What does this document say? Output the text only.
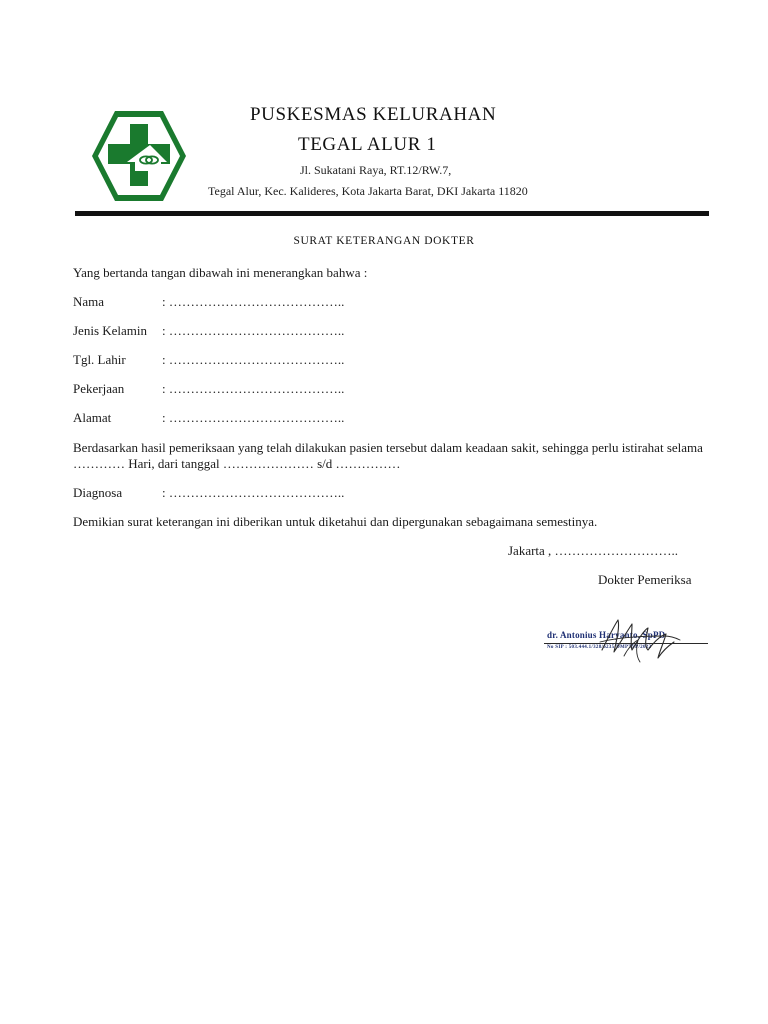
PUSKESMAS KELURAHAN
TEGAL ALUR 1
Jl. Sukatani Raya, RT.12/RW.7,
Tegal Alur, Kec. Kalideres, Kota Jakarta Barat, DKI Jakarta 11820
SURAT KETERANGAN DOKTER
Yang bertanda tangan dibawah ini menerangkan bahwa :
Nama	: …………………………………..
Jenis Kelamin : …………………………………..
Tgl. Lahir	: …………………………………..
Pekerjaan	: …………………………………..
Alamat	: …………………………………..
Berdasarkan hasil pemeriksaan yang telah dilakukan pasien tersebut dalam keadaan sakit, sehingga perlu istirahat selama ………… Hari, dari tanggal ………………… s/d ……………
Diagnosa	: …………………………………..
Demikian surat keterangan ini diberikan untuk diketahui dan dipergunakan sebagaimana semestinya.
Jakarta , ………………………..
Dokter Pemeriksa
dr. Antonius Haryanto. SpPD
No SIP : 503.444.1/328/6235/DMPTSP/2022
